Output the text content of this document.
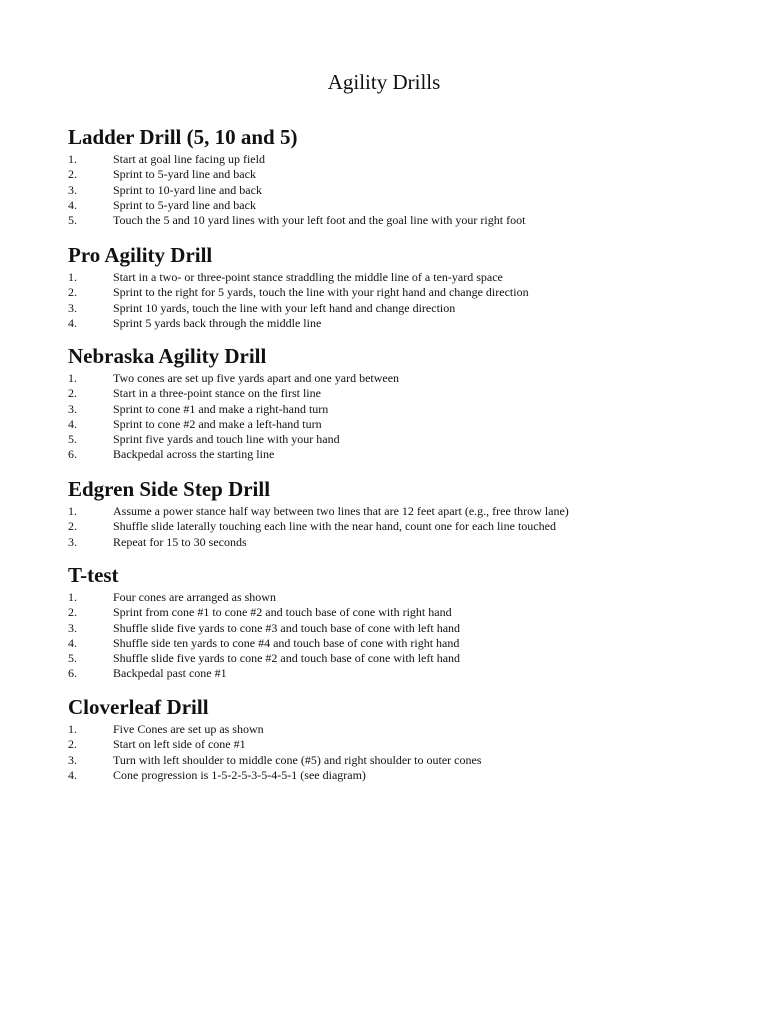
Agility Drills
Ladder Drill (5, 10 and 5)
1.	Start at goal line facing up field
2.	Sprint to 5-yard line and back
3.	Sprint to 10-yard line and back
4.	Sprint to 5-yard line and back
5.	Touch the 5 and 10 yard lines with your left foot and the goal line with your right foot
Pro Agility Drill
1.	Start in a two- or three-point stance straddling the middle line of a ten-yard space
2.	Sprint to the right for 5 yards, touch the line with your right hand and change direction
3.	Sprint 10 yards, touch the line with your left hand and change direction
4.	Sprint 5 yards back through the middle line
Nebraska Agility Drill
1.	Two cones are set up five yards apart and one yard between
2.	Start in a three-point stance on the first line
3.	Sprint to cone #1 and make a right-hand turn
4.	Sprint to cone #2 and make a left-hand turn
5.	Sprint five yards and touch line with your hand
6.	Backpedal across the starting line
Edgren Side Step Drill
1.	Assume a power stance half way between two lines that are 12 feet apart (e.g., free throw lane)
2.	Shuffle slide laterally touching each line with the near hand, count one for each line touched
3.	Repeat for 15 to 30 seconds
T-test
1.	Four cones are arranged as shown
2.	Sprint from cone #1 to cone #2 and touch base of cone with right hand
3.	Shuffle slide five yards to cone #3 and touch base of cone with left hand
4.	Shuffle side ten yards to cone #4 and touch base of cone with right hand
5.	Shuffle slide five yards to cone #2 and touch base of cone with left hand
6.	Backpedal past cone #1
Cloverleaf Drill
1.	Five Cones are set up as shown
2.	Start on left side of cone #1
3.	Turn with left shoulder to middle cone (#5) and right shoulder to outer cones
4.	Cone progression is 1-5-2-5-3-5-4-5-1 (see diagram)
